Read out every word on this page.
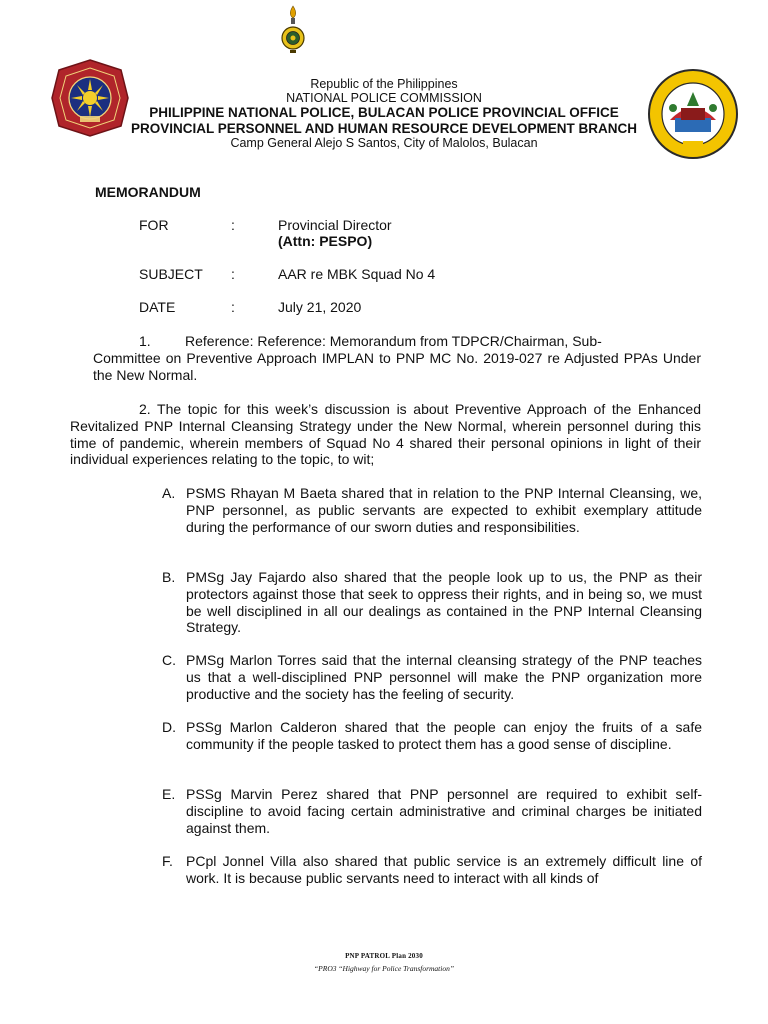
Republic of the Philippines
NATIONAL POLICE COMMISSION
PHILIPPINE NATIONAL POLICE, BULACAN POLICE PROVINCIAL OFFICE
PROVINCIAL PERSONNEL AND HUMAN RESOURCE DEVELOPMENT BRANCH
Camp General Alejo S Santos, City of Malolos, Bulacan
MEMORANDUM
FOR	:	Provincial Director
(Attn: PESPO)
SUBJECT :	AAR re MBK Squad No 4
DATE	:	July 21, 2020
1. Reference: Reference: Memorandum from TDPCR/Chairman, Sub-
Committee on Preventive Approach IMPLAN to PNP MC No. 2019-027 re Adjusted PPAs Under the New Normal.
2. The topic for this week’s discussion is about Preventive Approach of the Enhanced Revitalized PNP Internal Cleansing Strategy under the New Normal, wherein personnel during this time of pandemic, wherein members of Squad No 4 shared their personal opinions in light of their individual experiences relating to the topic, to wit;
A. PSMS Rhayan M Baeta shared that in relation to the PNP Internal Cleansing, we, PNP personnel, as public servants are expected to exhibit exemplary attitude during the performance of our sworn duties and responsibilities.
B. PMSg Jay Fajardo also shared that the people look up to us, the PNP as their protectors against those that seek to oppress their rights, and in being so, we must be well disciplined in all our dealings as contained in the PNP Internal Cleansing Strategy.
C. PMSg Marlon Torres said that the internal cleansing strategy of the PNP teaches us that a well-disciplined PNP personnel will make the PNP organization more productive and the society has the feeling of security.
D. PSSg Marlon Calderon shared that the people can enjoy the fruits of a safe community if the people tasked to protect them has a good sense of discipline.
E. PSSg Marvin Perez shared that PNP personnel are required to exhibit self-discipline to avoid facing certain administrative and criminal charges be initiated against them.
F. PCpl Jonnel Villa also shared that public service is an extremely difficult line of work. It is because public servants need to interact with all kinds of
PNP PATROL Plan 2030
“PRO3 “Highway for Police Transformation”
